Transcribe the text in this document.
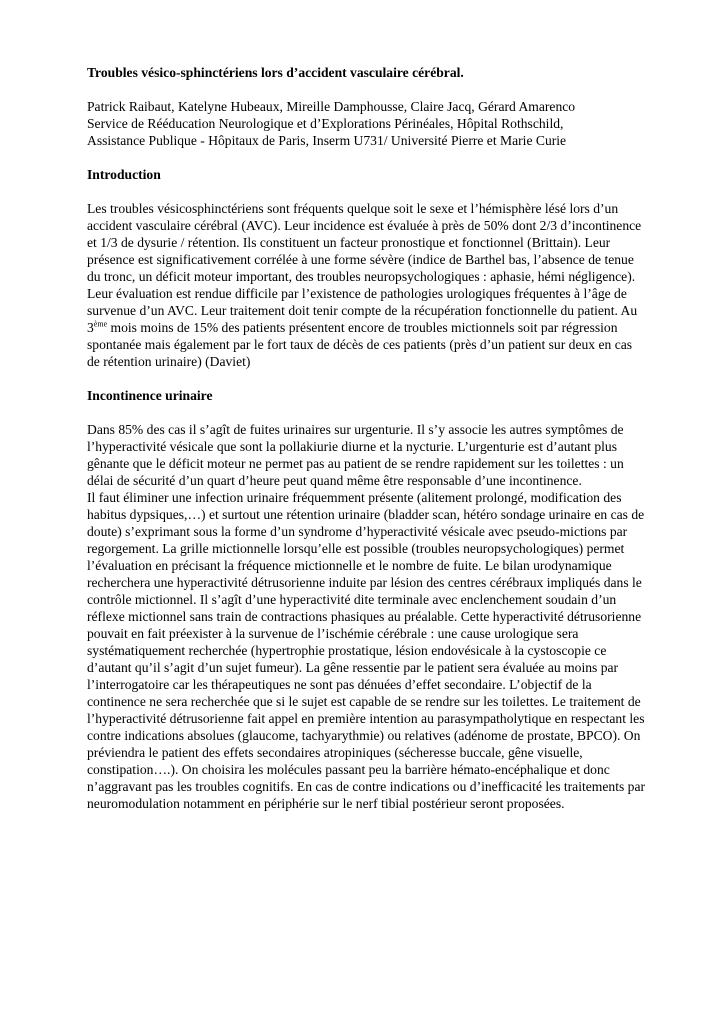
Troubles vésico-sphinctériens lors d’accident vasculaire cérébral.

Patrick Raibaut, Katelyne Hubeaux, Mireille Damphousse, Claire Jacq, Gérard Amarenco

Service de Rééducation Neurologique et d’Explorations Périnéales, Hôpital Rothschild,

Assistance Publique - Hôpitaux de Paris, Inserm U731/ Université Pierre et Marie Curie

Introduction

Les troubles vésicosphinctériens sont fréquents quelque soit le sexe et l’hémisphère lésé lors d’un accident vasculaire cérébral (AVC). Leur incidence est évaluée à près de 50% dont 2/3 d’incontinence et 1/3 de dysurie / rétention. Ils constituent un facteur pronostique et fonctionnel (Brittain). Leur présence est significativement corrélée à une forme sévère (indice de Barthel bas, l’absence de tenue du tronc, un déficit moteur important, des troubles neuropsychologiques : aphasie, hémi négligence). Leur évaluation est rendue difficile par l’existence de pathologies urologiques fréquentes à l’âge de survenue d’un AVC. Leur traitement doit tenir compte de la récupération fonctionnelle du patient. Au 3ème mois moins de 15% des patients présentent encore de troubles mictionnels soit par régression spontanée mais également par le fort taux de décès de ces patients (près d’un patient sur deux en cas de rétention urinaire) (Daviet)

Incontinence urinaire

Dans 85% des cas il s’agît de fuites urinaires sur urgenturie. Il s’y associe les autres symptômes de l’hyperactivité vésicale que sont la pollakiurie diurne et la nycturie. L’urgenturie est d’autant plus gênante que le déficit moteur ne permet pas au patient de se rendre rapidement sur les toilettes : un délai de sécurité d’un quart d’heure peut quand même être responsable d’une incontinence.

Il faut éliminer une infection urinaire fréquemment présente (alitement prolongé, modification des habitus dypsiques,…) et surtout une rétention urinaire (bladder scan, hétéro sondage urinaire en cas de doute) s’exprimant sous la forme d’un syndrome d’hyperactivité vésicale avec pseudo-mictions par regorgement. La grille mictionnelle lorsqu’elle est possible (troubles neuropsychologiques) permet l’évaluation en précisant la fréquence mictionnelle et le nombre de fuite. Le bilan urodynamique recherchera une hyperactivité détrusorienne induite par lésion des centres cérébraux impliqués dans le contrôle mictionnel. Il s’agît d’une hyperactivité dite terminale avec enclenchement soudain d’un réflexe mictionnel sans train de contractions phasiques au préalable. Cette hyperactivité détrusorienne pouvait en fait préexister à la survenue de l’ischémie cérébrale : une cause urologique sera systématiquement recherchée (hypertrophie prostatique, lésion endovésicale à la cystoscopie ce d’autant qu’il s’agit d’un sujet fumeur). La gêne ressentie par le patient sera évaluée au moins par l’interrogatoire car les thérapeutiques ne sont pas dénuées d’effet secondaire. L’objectif de la continence ne sera recherchée que si le sujet est capable de se rendre sur les toilettes. Le traitement de l’hyperactivité détrusorienne fait appel en première intention au parasympatholytique en respectant les contre indications absolues (glaucome, tachyarythmie) ou relatives (adénome de prostate, BPCO). On préviendra le patient des effets secondaires atropiniques (sécheresse buccale, gêne visuelle, constipation….). On choisira les molécules passant peu la barrière hémato-encéphalique et donc n’aggravant pas les troubles cognitifs. En cas de contre indications ou d’inefficacité les traitements par neuromodulation notamment en périphérie sur le nerf tibial postérieur seront proposées.
